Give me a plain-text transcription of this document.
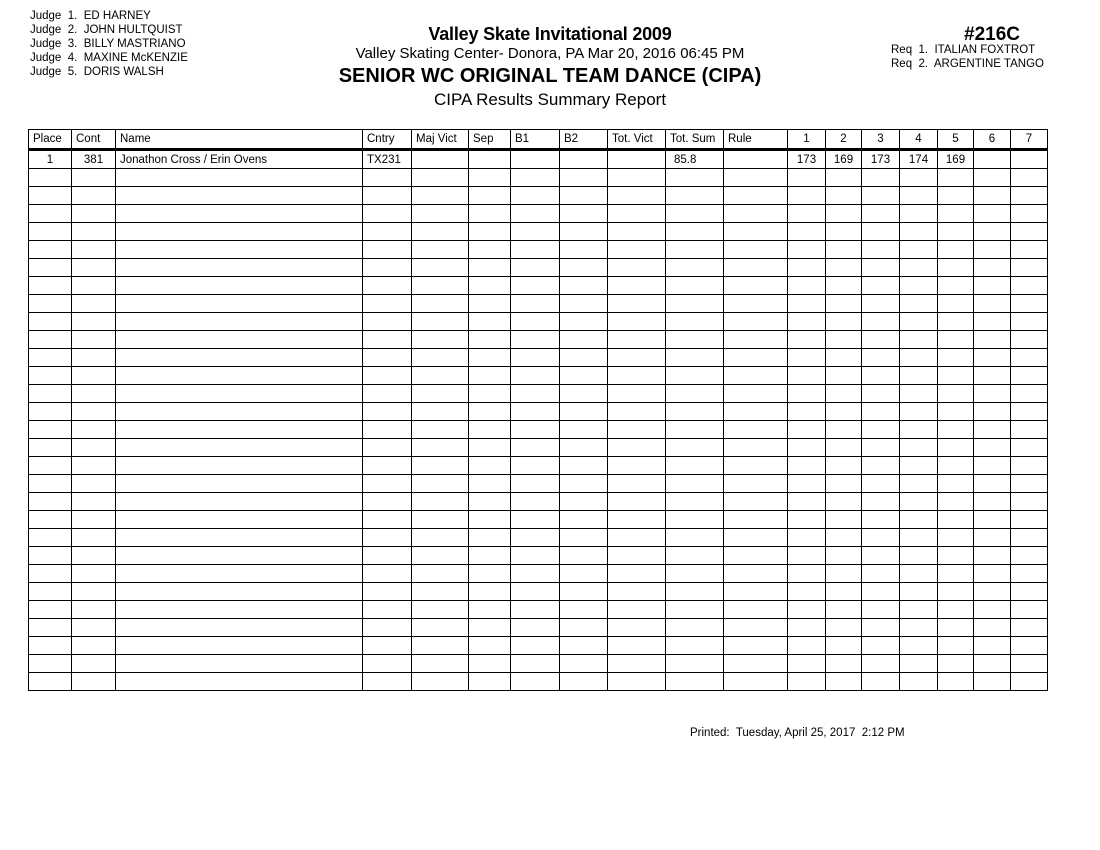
Judge  1. ED HARNEY
Judge  2. JOHN HULTQUIST
Judge  3. BILLY MASTRIANO
Judge  4. MAXINE McKENZIE
Judge  5. DORIS WALSH
Valley Skate Invitational 2009
Valley Skating Center- Donora, PA Mar 20, 2016 06:45 PM
SENIOR WC ORIGINAL TEAM DANCE (CIPA)
CIPA Results Summary Report
#216C
Req  1. ITALIAN FOXTROT
Req  2. ARGENTINE TANGO
Place	Cont	Name	Cntry	Maj Vict	Sep	B1	B2	Tot. Vict	Tot. Sum	Rule	1	2	3	4	5	6	7
1	381	Jonathon Cross / Erin Ovens	TX231						85.8		173	169	173	174	169		

Printed:  Tuesday, April 25, 2017  2:12 PM
